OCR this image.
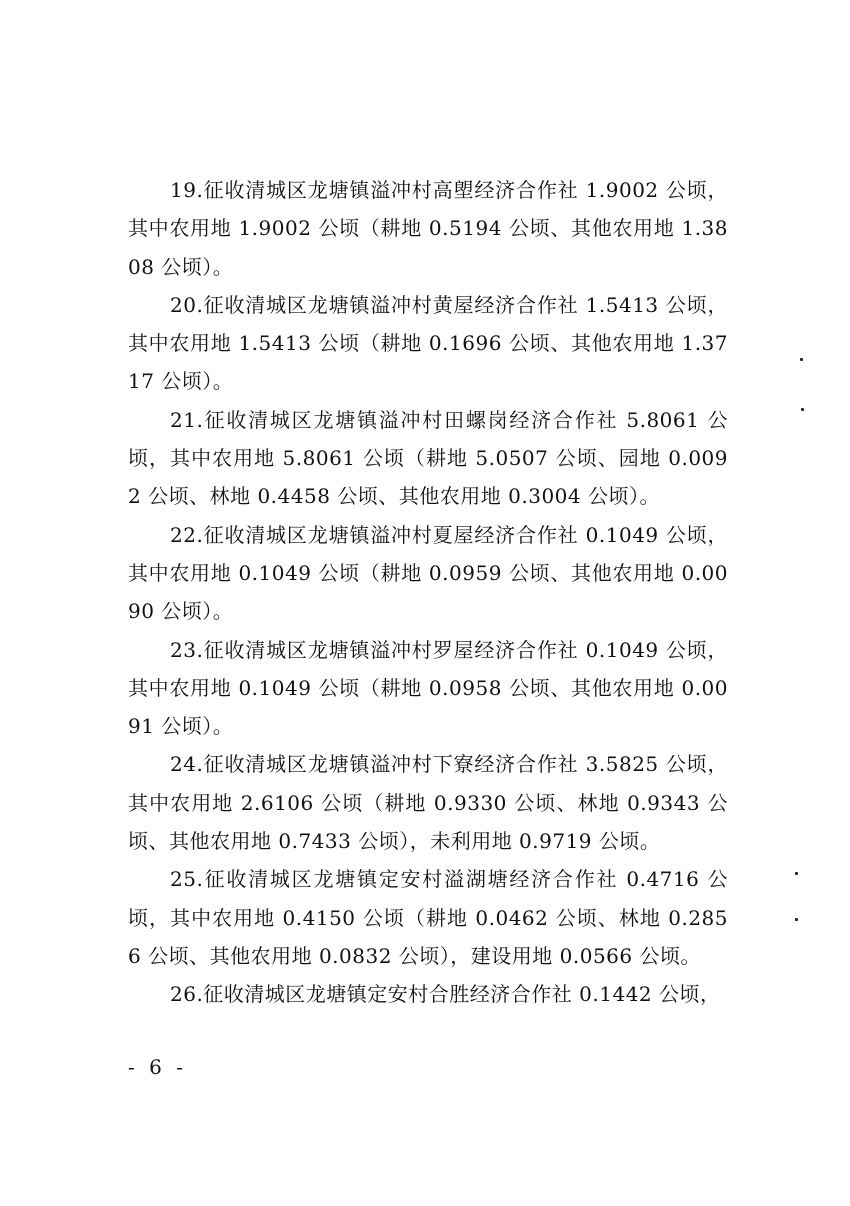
19.征收清城区龙塘镇溢冲村高塱经济合作社 1.9002 公顷，其中农用地 1.9002 公顷（耕地 0.5194 公顷、其他农用地 1.3808 公顷）。

20.征收清城区龙塘镇溢冲村黄屋经济合作社 1.5413 公顷，其中农用地 1.5413 公顷（耕地 0.1696 公顷、其他农用地 1.3717 公顷）。

21.征收清城区龙塘镇溢冲村田螺岗经济合作社 5.8061 公顷，其中农用地 5.8061 公顷（耕地 5.0507 公顷、园地 0.0092 公顷、林地 0.4458 公顷、其他农用地 0.3004 公顷）。

22.征收清城区龙塘镇溢冲村夏屋经济合作社 0.1049 公顷，其中农用地 0.1049 公顷（耕地 0.0959 公顷、其他农用地 0.0090 公顷）。

23.征收清城区龙塘镇溢冲村罗屋经济合作社 0.1049 公顷，其中农用地 0.1049 公顷（耕地 0.0958 公顷、其他农用地 0.0091 公顷）。

24.征收清城区龙塘镇溢冲村下寮经济合作社 3.5825 公顷，其中农用地 2.6106 公顷（耕地 0.9330 公顷、林地 0.9343 公顷、其他农用地 0.7433 公顷），未利用地 0.9719 公顷。

25.征收清城区龙塘镇定安村溢湖塘经济合作社 0.4716 公顷，其中农用地 0.4150 公顷（耕地 0.0462 公顷、林地 0.2856 公顷、其他农用地 0.0832 公顷），建设用地 0.0566 公顷。

26.征收清城区龙塘镇定安村合胜经济合作社 0.1442 公顷，

- 6 -
